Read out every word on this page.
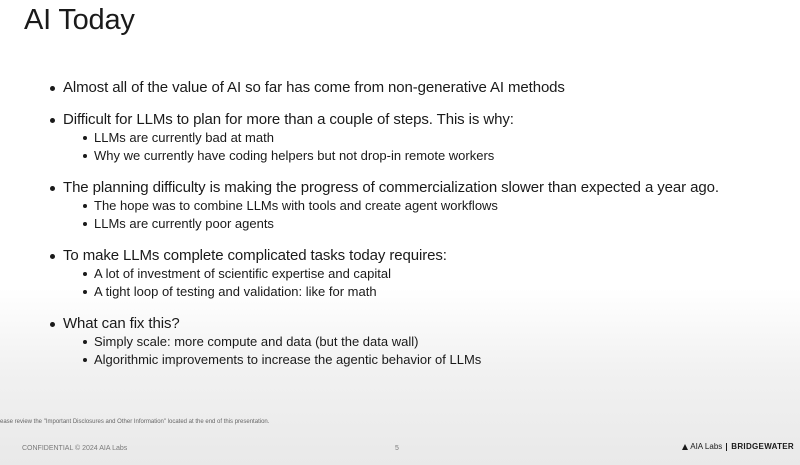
AI Today
Almost all of the value of AI so far has come from non-generative AI methods
Difficult for LLMs to plan for more than a couple of steps. This is why:
LLMs are currently bad at math
Why we currently have coding helpers but not drop-in remote workers
The planning difficulty is making the progress of commercialization slower than expected a year ago.
The hope was to combine LLMs with tools and create agent workflows
LLMs are currently poor agents
To make LLMs complete complicated tasks today requires:
A lot of investment of scientific expertise and capital
A tight loop of testing and validation: like for math
What can fix this?
Simply scale: more compute and data (but the data wall)
Algorithmic improvements to increase the agentic behavior of LLMs
ease review the "Important Disclosures and Other Information" located at the end of this presentation.
CONFIDENTIAL © 2024 AIA Labs	5	AIA Labs BRIDGEWATER
